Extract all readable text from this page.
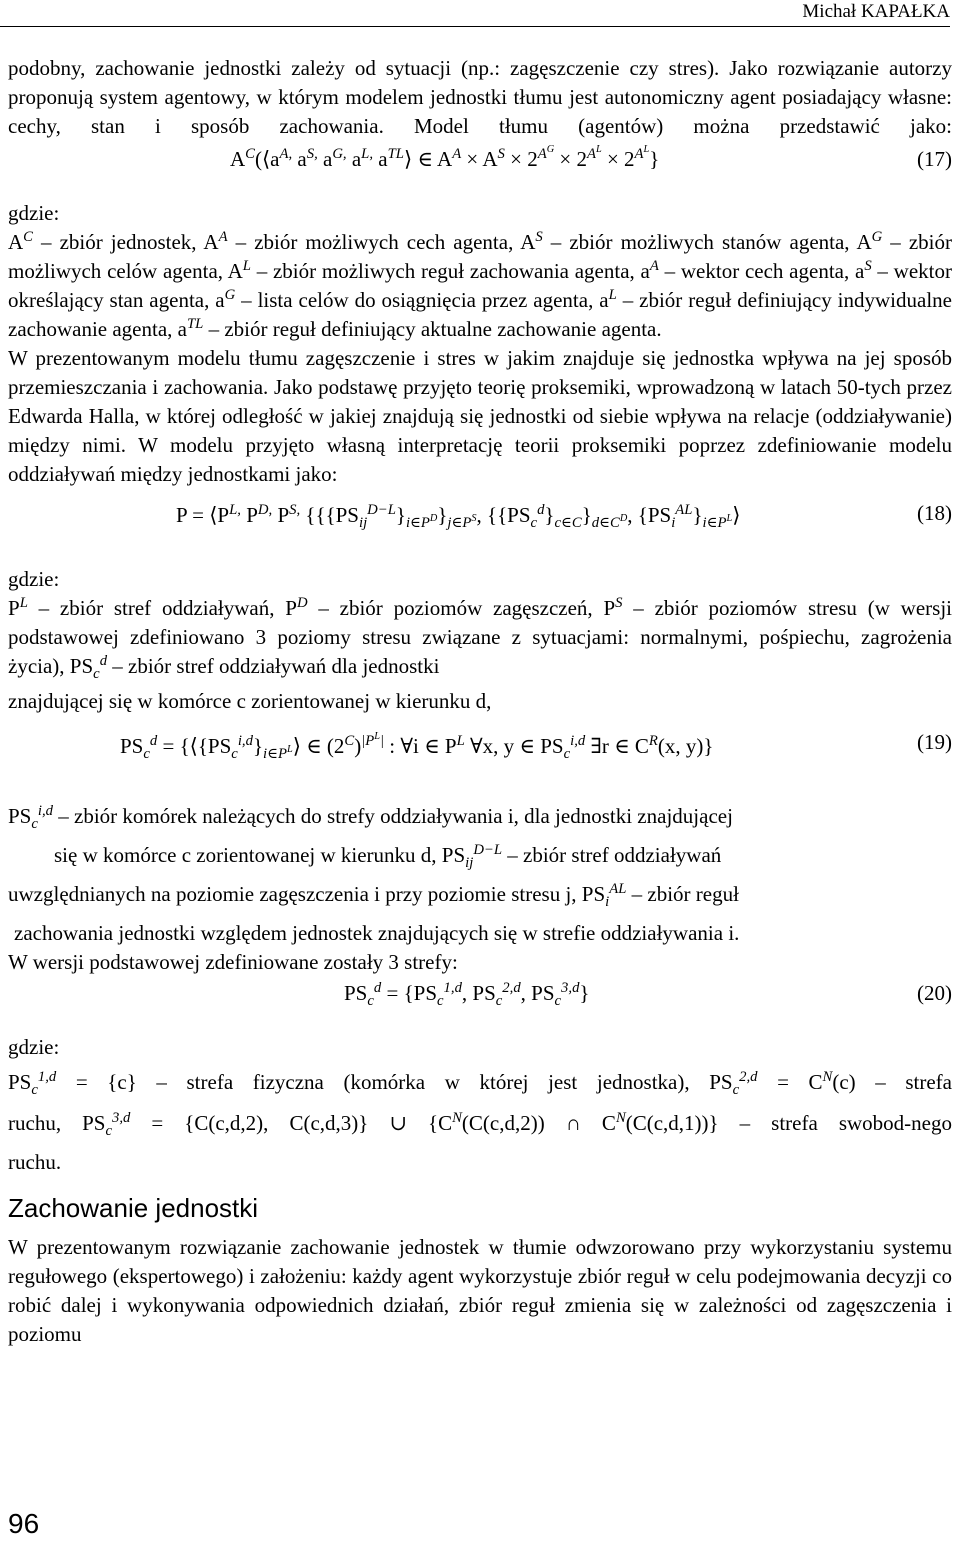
Michał KAPAŁKA

podobny, zachowanie jednostki zależy od sytuacji (np.: zagęszczenie czy stres). Jako rozwiązanie autorzy proponują system agentowy, w którym modelem jednostki tłumu jest autonomiczny agent posiadający własne: cechy, stan i sposób zachowania. Model tłumu (agentów) można przedstawić jako:

$A^C(⟨a^{A,}$ $a^{S,}$ $a^{G,}$ $a^{L,}$ $a^{TL}⟩$ ∈ $A^A \times A^S \times 2^{A^G} \times 2^{A^L} \times 2^{A^L}$}	(17)

gdzie:

$A^C$ – zbiór jednostek, $A^A$ – zbiór możliwych cech agenta, $A^S$ – zbiór możliwych stanów agenta, $A^G$ – zbiór możliwych celów agenta, $A^L$ – zbiór możliwych reguł zachowania agenta, $a^A$ – wektor cech agenta, $a^S$ – wektor określający stan agenta, $a^G$ – lista celów do osiągnięcia przez agenta, $a^L$ – zbiór reguł definiujący indywidualne zachowanie agenta, $a^{TL}$ – zbiór reguł definiujący aktualne zachowanie agenta.

W prezentowanym modelu tłumu zagęszczenie i stres w jakim znajduje się jednostka wpływa na jej sposób przemieszczania i zachowania. Jako podstawę przyjęto teorię proksemiki, wprowadzoną w latach 50-tych przez Edwarda Halla, w której odległość w jakiej znajdują się jednostki od siebie wpływa na relacje (oddziaływanie) między nimi. W modelu przyjęto własną interpretację teorii proksemiki poprzez zdefiniowanie modelu oddziaływań między jednostkami jako:

$P = ⟨P^{L,}$ $P^{D,}$ $P^{S,}$ {$\{\{PS_{ij}^{D-L}\}_{i\in P^D}\}_{j\in P^S}$, $\{\{PS_c^d\}_{c\in C}\}_{d\in C^D}$, $\{PS_i^{AL}\}_{i\in P^L}⟩$	(18)

gdzie:

$P^L$ – zbiór stref oddziaływań, $P^D$ – zbiór poziomów zagęszczeń, $P^S$ – zbiór poziomów stresu (w wersji podstawowej zdefiniowano 3 poziomy stresu związane z sytuacjami: normalnymi, pośpiechu, zagrożenia życia), $PS_c^d$ – zbiór stref oddziaływań dla jednostki

znajdującej się w komórce c zorientowanej w kierunku d,

$PS_c^d$ = {$⟨\{PS_c^{i,d}\}_{i\in P^L}⟩$ ∈ $(2^C)^{|P^L|}$ : ∀i ∈ $P^L$ ∀x, y ∈ $PS_c^{i,d}$ ∃r ∈ $C^R(x$, y)}	(19)

$PS_c^{i,d}$ – zbiór komórek należących do strefy oddziaływania i, dla jednostki znajdującej

się w komórce c zorientowanej w kierunku d, $PS_{ij}^{D-L}$ – zbiór stref oddziaływań

uwzględnianych na poziomie zagęszczenia i przy poziomie stresu j, $PS_i^{AL}$ – zbiór reguł

zachowania jednostki względem jednostek znajdujących się w strefie oddziaływania i.

W wersji podstawowej zdefiniowane zostały 3 strefy:

$PS_c^d = \{PS_c^{1,d}$, $PS_c^{2,d}$, $PS_c^{3,d}$}	(20)

gdzie:

$PS_c^{1,d} = \{c\}$ – strefa fizyczna (komórka w której jest jednostka), $PS_c^{2,d} = C^N(c)$ – strefa

ruchu, $PS_c^{3,d} = \{C(c,d,2)$, C(c,d,3)} ∪ {$C^N(C(c,d,2))$ ∩ $C^N(C(c,d,1))$} – strefa swobod-nego

ruchu.

Zachowanie jednostki

W prezentowanym rozwiązanie zachowanie jednostek w tłumie odwzorowano przy wykorzystaniu systemu regułowego (ekspertowego) i założeniu: każdy agent wykorzystuje zbiór reguł w celu podejmowania decyzji co robić dalej i wykonywania odpowiednich działań, zbiór reguł zmienia się w zależności od zagęszczenia i poziomu

96
